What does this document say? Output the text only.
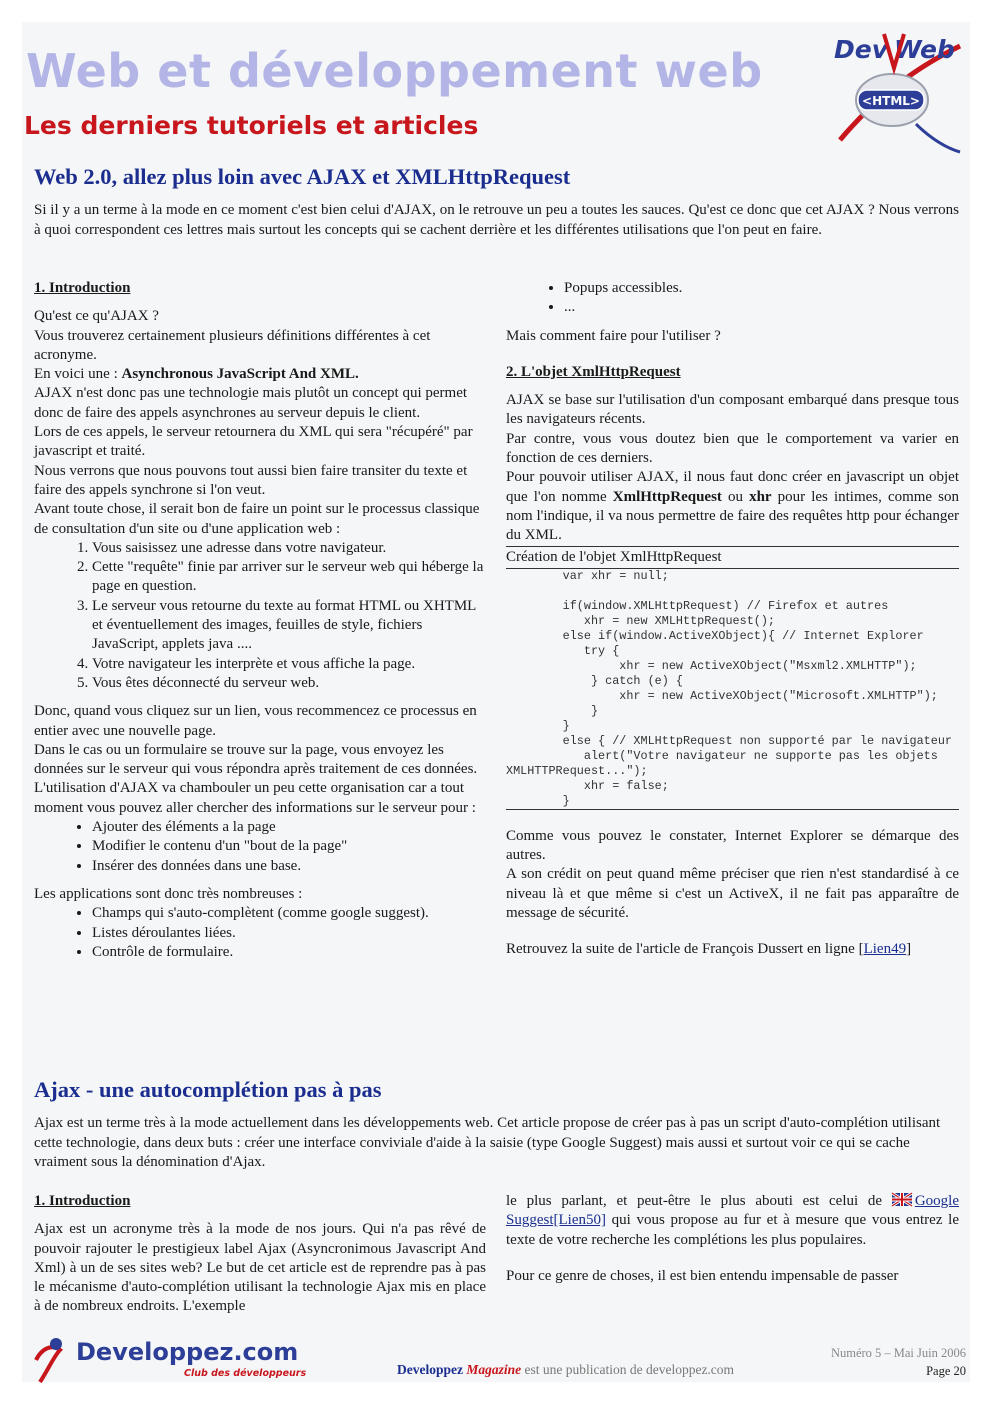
Web et développement web
Les derniers tutoriels et articles
<HTML>
Dev Web
Web 2.0, allez plus loin avec AJAX et XMLHttpRequest
Si il y a un terme à la mode en ce moment c'est bien celui d'AJAX, on le retrouve un peu a toutes les sauces. Qu'est ce donc que cet AJAX ? Nous verrons à quoi correspondent ces lettres mais surtout les concepts qui se cachent derrière et les différentes utilisations que l'on peut en faire.

1. Introduction

Qu'est ce qu'AJAX ?

Vous trouverez certainement plusieurs définitions différentes à cet acronyme.

En voici une : Asynchronous JavaScript And XML.

AJAX n'est donc pas une technologie mais plutôt un concept qui permet donc de faire des appels asynchrones au serveur depuis le client.

Lors de ces appels, le serveur retournera du XML qui sera "récupéré" par javascript et traité.

Nous verrons que nous pouvons tout aussi bien faire transiter du texte et faire des appels synchrone si l'on veut.

Avant toute chose, il serait bon de faire un point sur le processus classique de consultation d'un site ou d'une application web :

1. Vous saisissez une adresse dans votre navigateur.
2. Cette "requête" finie par arriver sur le serveur web qui héberge la page en question.
3. Le serveur vous retourne du texte au format HTML ou XHTML et éventuellement des images, feuilles de style, fichiers JavaScript, applets java ....
4. Votre navigateur les interprète et vous affiche la page.
5. Vous êtes déconnecté du serveur web.

Donc, quand vous cliquez sur un lien, vous recommencez ce processus en entier avec une nouvelle page.

Dans le cas ou un formulaire se trouve sur la page, vous envoyez les données sur le serveur qui vous répondra après traitement de ces données.

L'utilisation d'AJAX va chambouler un peu cette organisation car a tout moment vous pouvez aller chercher des informations sur le serveur pour :

• Ajouter des éléments a la page
• Modifier le contenu d'un "bout de la page"
• Insérer des données dans une base.

Les applications sont donc très nombreuses :

• Champs qui s'auto-complètent (comme google suggest).
• Listes déroulantes liées.
• Contrôle de formulaire.
• Popups accessibles.
• ...

Mais comment faire pour l'utiliser ?

2. L'objet XmlHttpRequest

AJAX se base sur l'utilisation d'un composant embarqué dans presque tous les navigateurs récents.

Par contre, vous vous doutez bien que le comportement va varier en fonction de ces derniers.

Pour pouvoir utiliser AJAX, il nous faut donc créer en javascript un objet que l'on nomme XmlHttpRequest ou xhr pour les intimes, comme son nom l'indique, il va nous permettre de faire des requêtes http pour échanger du XML.

Création de l'objet XmlHttpRequest
var xhr = null;

if(window.XMLHttpRequest) // Firefox et autres
xhr = new XMLHttpRequest();
else if(window.ActiveXObject){ // Internet Explorer
try {
xhr = new ActiveXObject("Msxml2.XMLHTTP");
} catch (e) {
xhr = new ActiveXObject("Microsoft.XMLHTTP");
}
}
else { // XMLHttpRequest non supporté par le navigateur
alert("Votre navigateur ne supporte pas les objets XMLHTTPRequest...");
xhr = false;
}

Comme vous pouvez le constater, Internet Explorer se démarque des autres.

A son crédit on peut quand même préciser que rien n'est standardisé à ce niveau là et que même si c'est un ActiveX, il ne fait pas apparaître de message de sécurité.

Retrouvez la suite de l'article de François Dussert en ligne [Lien49]

Ajax - une autocomplétion pas à pas
Ajax est un terme très à la mode actuellement dans les développements web. Cet article propose de créer pas à pas un script d'auto-complétion utilisant cette technologie, dans deux buts : créer une interface conviviale d'aide à la saisie (type Google Suggest) mais aussi et surtout voir ce qui se cache vraiment sous la dénomination d'Ajax.

1. Introduction

Ajax est un acronyme très à la mode de nos jours. Qui n'a pas rêvé de pouvoir rajouter le prestigieux label Ajax (Asyncronimous Javascript And Xml) à un de ses sites web? Le but de cet article est de reprendre pas à pas le mécanisme d'auto-complétion utilisant la technologie Ajax mis en place à de nombreux endroits. L'exemple

le plus parlant, et peut-être le plus abouti est celui de Google Suggest[Lien50] qui vous propose au fur et à mesure que vous entrez le texte de votre recherche les complétions les plus populaires.

Pour ce genre de choses, il est bien entendu impensable de passer

Developpez.com
Club des développeurs	Developpez Magazine est une publication de developpez.com
Numéro 5 – Mai Juin 2006
Page 20
